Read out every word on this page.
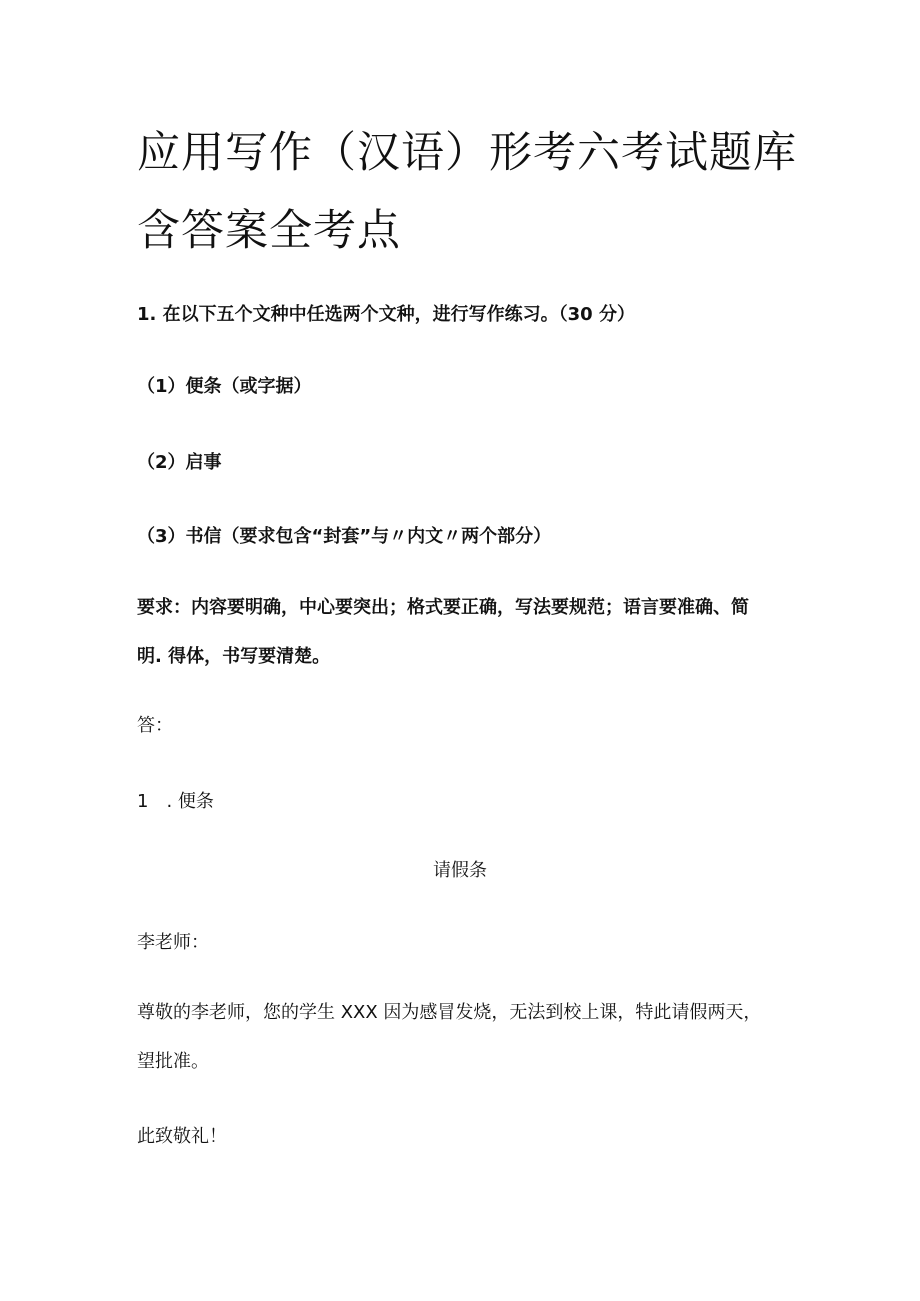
应用写作（汉语）形考六考试题库
含答案全考点
1. 在以下五个文种中任选两个文种，进行写作练习。（30 分）
（1）便条（或字据）
（2）启事
（3）书信（要求包含“封套”与〃内文〃两个部分）
要求：内容要明确，中心要突出；格式要正确，写法要规范；语言要准确、简
明. 得体，书写要清楚。
答：
1　. 便条
请假条
李老师：
尊敬的李老师，您的学生 XXX 因为感冒发烧，无法到校上课，特此请假两天，
望批准。
此致敬礼！
